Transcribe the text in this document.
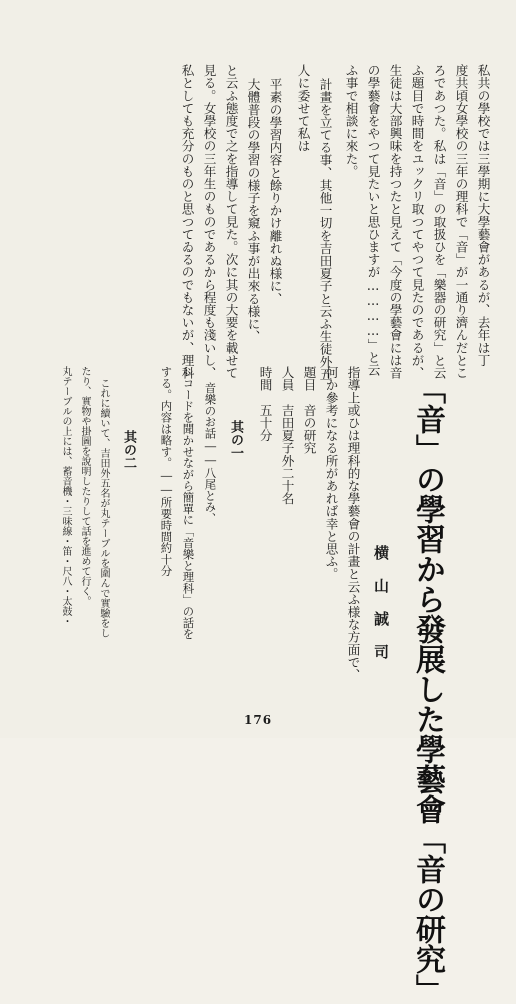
「音」の學習から發展した學藝會「音の研究」
横山誠司
私共の學校では三學期に大學藝會があるが、去年は丁
度共頃女學校の三年の理科で「音」が一通り濟んだとこ
ろであつた。私は「音」の取扱ひを「樂器の研究」と云
ふ題目で時間をユックリ取つてやつて見たのであるが、
生徒は大部興味を持つたと見えて「今度の學藝會には音
の學藝會をやつて見たいと思ひますが…………」と云
ふ事で相談に來た。
計畫を立てる事、其他一切を吉田夏子と云ふ生徒外五
人に委せて私は
平素の學習内容と餘りかけ離れぬ様に、
大體普段の學習の様子を窺ふ事が出來る様に、
と云ふ態度で之を指導して見た。次に其の大要を載せて
見る。女學校の三年生のものであるから程度も淺いし、
私としても充分のものと思つてゐるのでもないが、理科
指導上或ひは理科的な學藝會の計畫と云ふ様な方面で、
何か參考になる所があれば幸と思ふ。
題目　音の研究
人員　吉田夏子外二十名
時間　五十分
其の一
音樂のお話――八尾とみ、
レコードを聞かせながら簡單に「音樂と理科」の話を
する。内容は略す。――所要時間約十分
其の二
これに續いて、吉田外五名が丸テーブルを圍んで實驗をし
たり、實物や掛圖を說明したりして話を進めて行く。
丸テーブルの上には、蓄音機・三味線・笛・尺八・太鼓・
176
